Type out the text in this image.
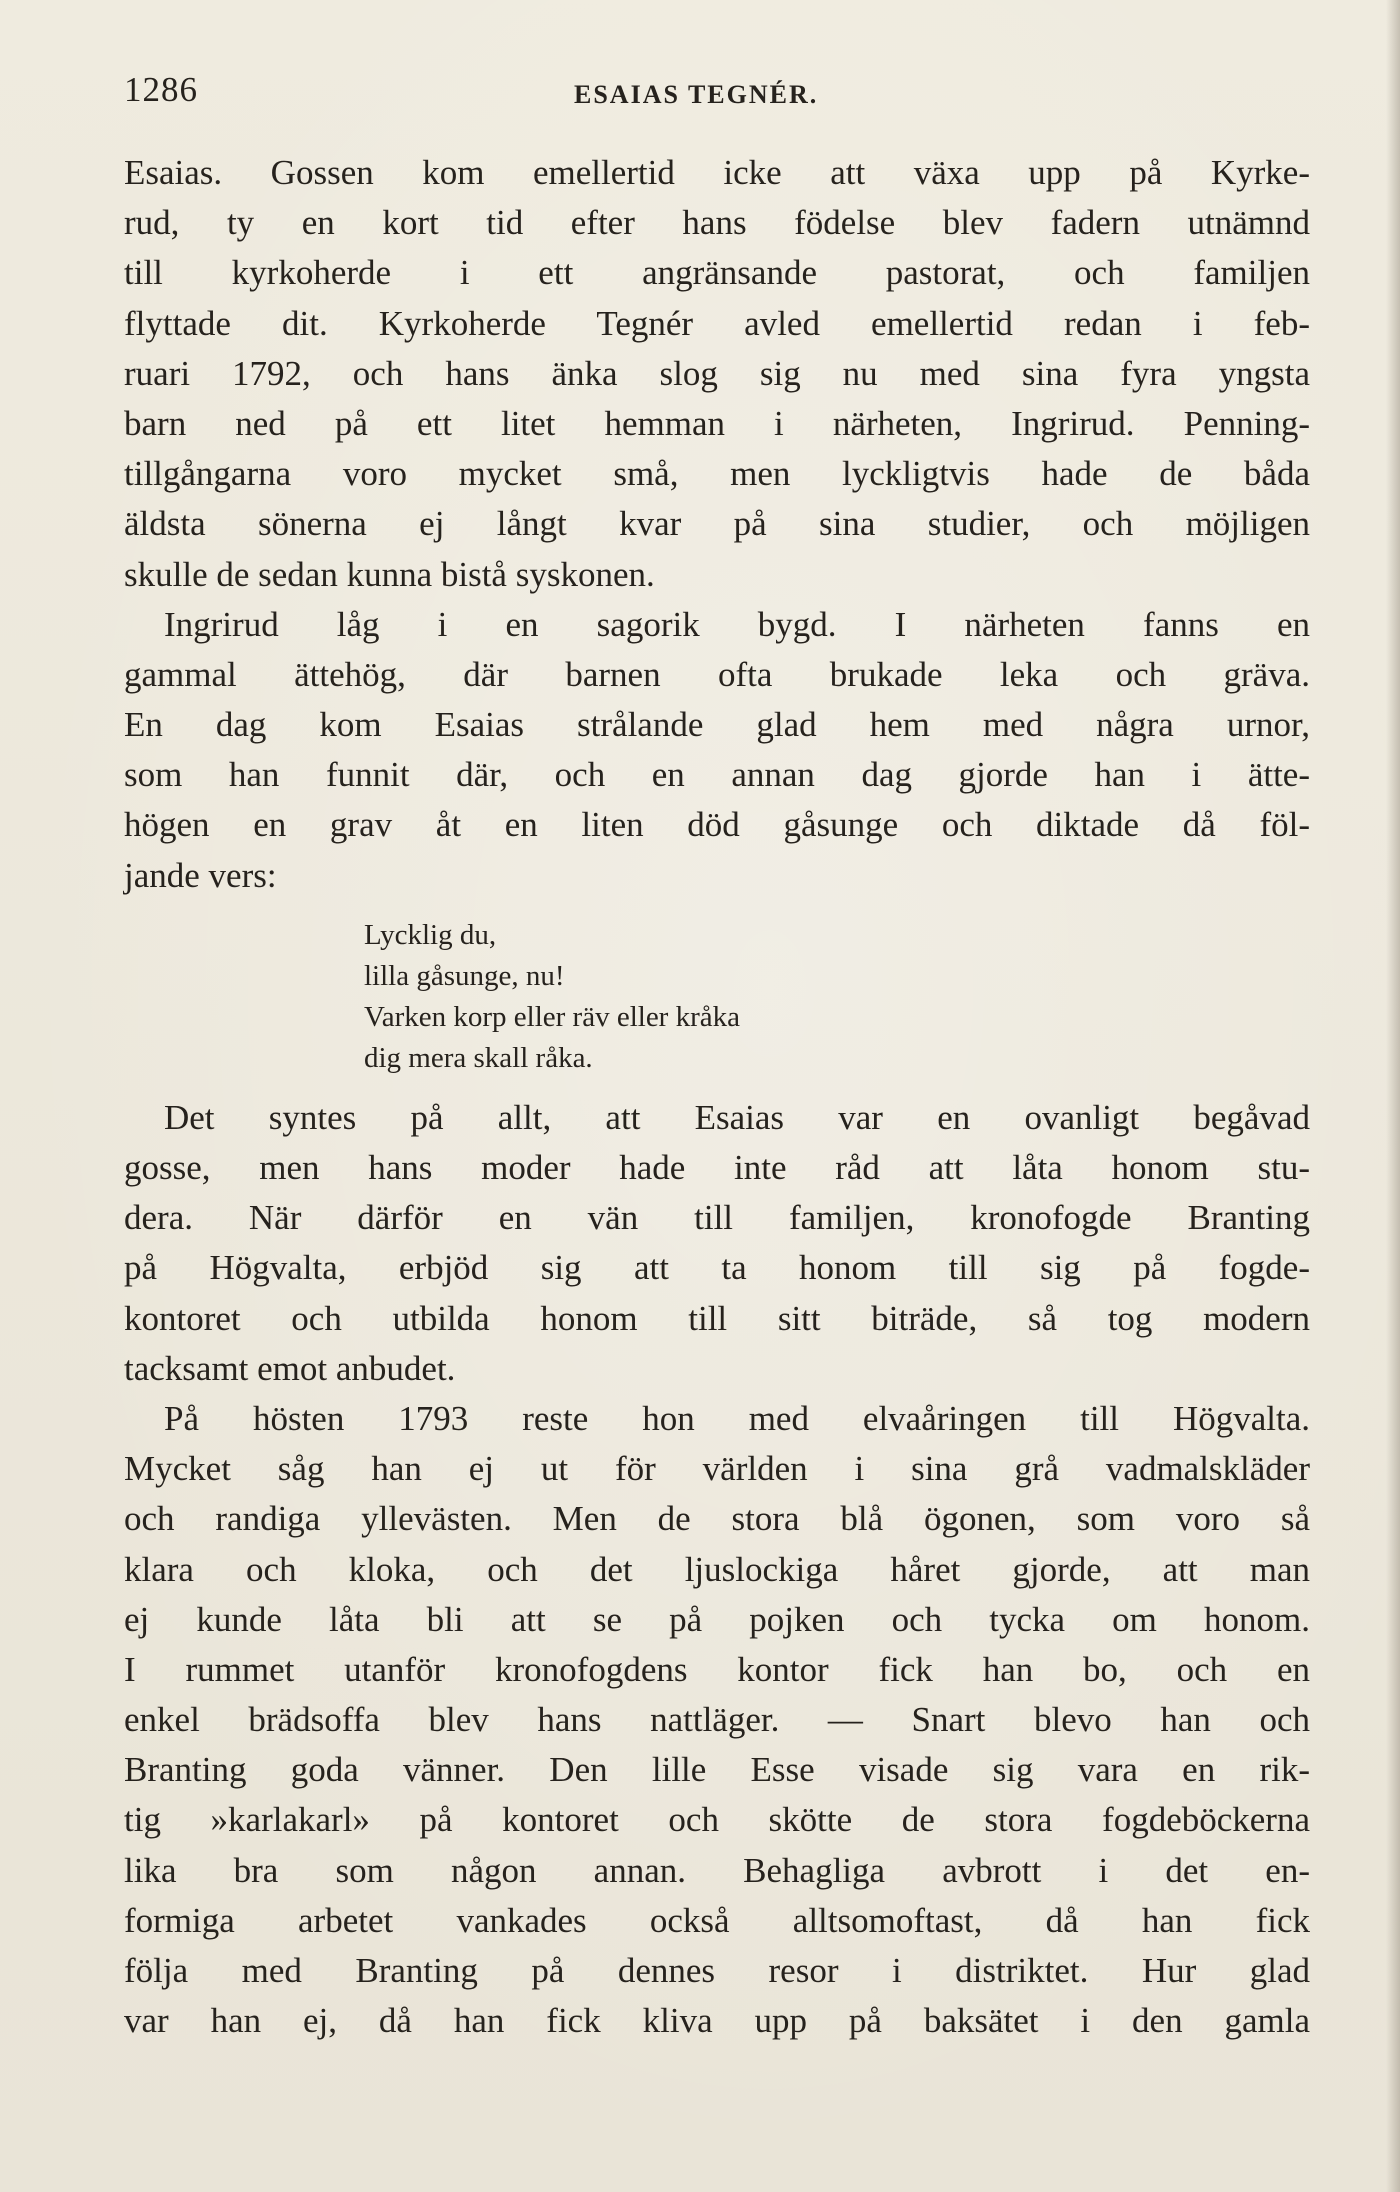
1286	ESAIAS TEGNÉR.
Esaias. Gossen kom emellertid icke att växa upp på Kyrke-
rud, ty en kort tid efter hans födelse blev fadern utnämnd
till kyrkoherde i ett angränsande pastorat, och familjen
flyttade dit. Kyrkoherde Tegnér avled emellertid redan i feb-
ruari 1792, och hans änka slog sig nu med sina fyra yngsta
barn ned på ett litet hemman i närheten, Ingrirud. Penning-
tillgångarna voro mycket små, men lyckligtvis hade de båda
äldsta sönerna ej långt kvar på sina studier, och möjligen
skulle de sedan kunna bistå syskonen.
Ingrirud låg i en sagorik bygd. I närheten fanns en
gammal ättehög, där barnen ofta brukade leka och gräva.
En dag kom Esaias strålande glad hem med några urnor,
som han funnit där, och en annan dag gjorde han i ätte-
högen en grav åt en liten död gåsunge och diktade då föl-
jande vers:
Lycklig du,
lilla gåsunge, nu!
Varken korp eller räv eller kråka
dig mera skall råka.
Det syntes på allt, att Esaias var en ovanligt begåvad
gosse, men hans moder hade inte råd att låta honom stu-
dera. När därför en vän till familjen, kronofogde Branting
på Högvalta, erbjöd sig att ta honom till sig på fogde-
kontoret och utbilda honom till sitt biträde, så tog modern
tacksamt emot anbudet.
På hösten 1793 reste hon med elvaåringen till Högvalta.
Mycket såg han ej ut för världen i sina grå vadmalskläder
och randiga yllevästen. Men de stora blå ögonen, som voro så
klara och kloka, och det ljuslockiga håret gjorde, att man
ej kunde låta bli att se på pojken och tycka om honom.
I rummet utanför kronofogdens kontor fick han bo, och en
enkel brädsoffa blev hans nattläger. — Snart blevo han och
Branting goda vänner. Den lille Esse visade sig vara en rik-
tig »karlakarl» på kontoret och skötte de stora fogdeböckerna
lika bra som någon annan. Behagliga avbrott i det en-
formiga arbetet vankades också alltsomoftast, då han fick
följa med Branting på dennes resor i distriktet. Hur glad
var han ej, då han fick kliva upp på baksätet i den gamla
